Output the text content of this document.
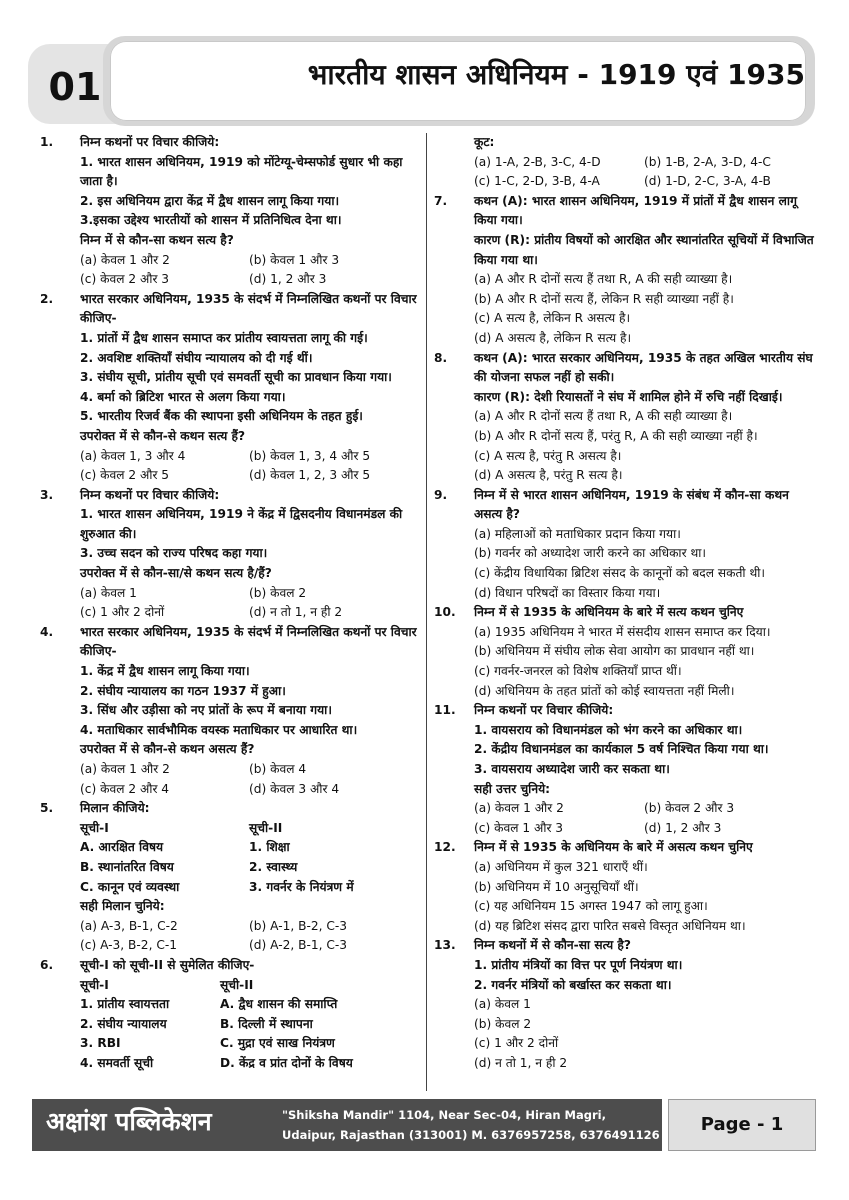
01	भारतीय शासन अधिनियम - 1919 एवं 1935
1.	निम्न कथनों पर विचार कीजिये:
1. भारत शासन अधिनियम, 1919 को मोंटेग्यू-चेम्सफोर्ड सुधार भी कहा जाता है।
2. इस अधिनियम द्वारा केंद्र में द्वैध शासन लागू किया गया।
3.इसका उद्देश्य भारतीयों को शासन में प्रतिनिधित्व देना था।
निम्न में से कौन-सा कथन सत्य है?
(a) केवल 1 और 2	(b) केवल 1 और 3
(c) केवल 2 और 3	(d) 1, 2 और 3
2.	भारत सरकार अधिनियम, 1935 के संदर्भ में निम्नलिखित कथनों पर विचार कीजिए-
1. प्रांतों में द्वैध शासन समाप्त कर प्रांतीय स्वायत्तता लागू की गई।
2. अवशिष्ट शक्तियाँ संघीय न्यायालय को दी गई थीं।
3. संघीय सूची, प्रांतीय सूची एवं समवर्ती सूची का प्रावधान किया गया।
4. बर्मा को ब्रिटिश भारत से अलग किया गया।
5. भारतीय रिजर्व बैंक की स्थापना इसी अधिनियम के तहत हुई।
उपरोक्त में से कौन-से कथन सत्य हैं?
(a) केवल 1, 3 और 4	(b) केवल 1, 3, 4 और 5
(c) केवल 2 और 5	(d) केवल 1, 2, 3 और 5
3.	निम्न कथनों पर विचार कीजिये:
1. भारत शासन अधिनियम, 1919 ने केंद्र में द्विसदनीय विधानमंडल की शुरुआत की।
3. उच्च सदन को राज्य परिषद कहा गया।
उपरोक्त में से कौन-सा/से कथन सत्य है/हैं?
(a) केवल 1	(b) केवल 2
(c) 1 और 2 दोनों	(d) न तो 1, न ही 2
4.	भारत सरकार अधिनियम, 1935 के संदर्भ में निम्नलिखित कथनों पर विचार कीजिए-
1. केंद्र में द्वैध शासन लागू किया गया।
2. संघीय न्यायालय का गठन 1937 में हुआ।
3. सिंध और उड़ीसा को नए प्रांतों के रूप में बनाया गया।
4. मताधिकार सार्वभौमिक वयस्क मताधिकार पर आधारित था।
उपरोक्त में से कौन-से कथन असत्य हैं?
(a) केवल 1 और 2	(b) केवल 4
(c) केवल 2 और 4	(d) केवल 3 और 4
5.	मिलान कीजिये:
सूची-I	सूची-II
A. आरक्षित विषय	1. शिक्षा
B. स्थानांतरित विषय	2. स्वास्थ्य
C. कानून एवं व्यवस्था	3. गवर्नर के नियंत्रण में
सही मिलान चुनिये:
(a) A-3, B-1, C-2	(b) A-1, B-2, C-3
(c) A-3, B-2, C-1	(d) A-2, B-1, C-3
6.	सूची-I को सूची-II से सुमेलित कीजिए-
सूची-I	सूची-II
1. प्रांतीय स्वायत्तता	A. द्वैध शासन की समाप्ति
2. संघीय न्यायालय	B. दिल्ली में स्थापना
3. RBI	C. मुद्रा एवं साख नियंत्रण
4. समवर्ती सूची	D. केंद्र व प्रांत दोनों के विषय
कूट:
(a) 1-A, 2-B, 3-C, 4-D	(b) 1-B, 2-A, 3-D, 4-C
(c) 1-C, 2-D, 3-B, 4-A	(d) 1-D, 2-C, 3-A, 4-B
7.	कथन (A): भारत शासन अधिनियम, 1919 में प्रांतों में द्वैध शासन लागू किया गया।
कारण (R): प्रांतीय विषयों को आरक्षित और स्थानांतरित सूचियों में विभाजित किया गया था।
(a) A और R दोनों सत्य हैं तथा R, A की सही व्याख्या है।
(b) A और R दोनों सत्य हैं, लेकिन R सही व्याख्या नहीं है।
(c) A सत्य है, लेकिन R असत्य है।
(d) A असत्य है, लेकिन R सत्य है।
8.	कथन (A): भारत सरकार अधिनियम, 1935 के तहत अखिल भारतीय संघ की योजना सफल नहीं हो सकी।
कारण (R): देशी रियासतों ने संघ में शामिल होने में रुचि नहीं दिखाई।
(a) A और R दोनों सत्य हैं तथा R, A की सही व्याख्या है।
(b) A और R दोनों सत्य हैं, परंतु R, A की सही व्याख्या नहीं है।
(c) A सत्य है, परंतु R असत्य है।
(d) A असत्य है, परंतु R सत्य है।
9.	निम्न में से भारत शासन अधिनियम, 1919 के संबंध में कौन-सा कथन असत्य है?
(a) महिलाओं को मताधिकार प्रदान किया गया।
(b) गवर्नर को अध्यादेश जारी करने का अधिकार था।
(c) केंद्रीय विधायिका ब्रिटिश संसद के कानूनों को बदल सकती थी।
(d) विधान परिषदों का विस्तार किया गया।
10.	निम्न में से 1935 के अधिनियम के बारे में सत्य कथन चुनिए
(a) 1935 अधिनियम ने भारत में संसदीय शासन समाप्त कर दिया।
(b) अधिनियम में संघीय लोक सेवा आयोग का प्रावधान नहीं था।
(c) गवर्नर-जनरल को विशेष शक्तियाँ प्राप्त थीं।
(d) अधिनियम के तहत प्रांतों को कोई स्वायत्तता नहीं मिली।
11.	निम्न कथनों पर विचार कीजिये:
1. वायसराय को विधानमंडल को भंग करने का अधिकार था।
2. केंद्रीय विधानमंडल का कार्यकाल 5 वर्ष निश्चित किया गया था।
3. वायसराय अध्यादेश जारी कर सकता था।
सही उत्तर चुनिये:
(a) केवल 1 और 2	(b) केवल 2 और 3
(c) केवल 1 और 3	(d) 1, 2 और 3
12.	निम्न में से 1935 के अधिनियम के बारे में असत्य कथन चुनिए
(a) अधिनियम में कुल 321 धाराएँ थीं।
(b) अधिनियम में 10 अनुसूचियाँ थीं।
(c) यह अधिनियम 15 अगस्त 1947 को लागू हुआ।
(d) यह ब्रिटिश संसद द्वारा पारित सबसे विस्तृत अधिनियम था।
13.	निम्न कथनों में से कौन-सा सत्य है?
1. प्रांतीय मंत्रियों का वित्त पर पूर्ण नियंत्रण था।
2. गवर्नर मंत्रियों को बर्खास्त कर सकता था।
(a) केवल 1
(b) केवल 2
(c) 1 और 2 दोनों
(d) न तो 1, न ही 2
अक्षांश पब्लिकेशन	"Shiksha Mandir" 1104, Near Sec-04, Hiran Magri,
Udaipur, Rajasthan (313001) M. 6376957258, 6376491126	Page - 1
